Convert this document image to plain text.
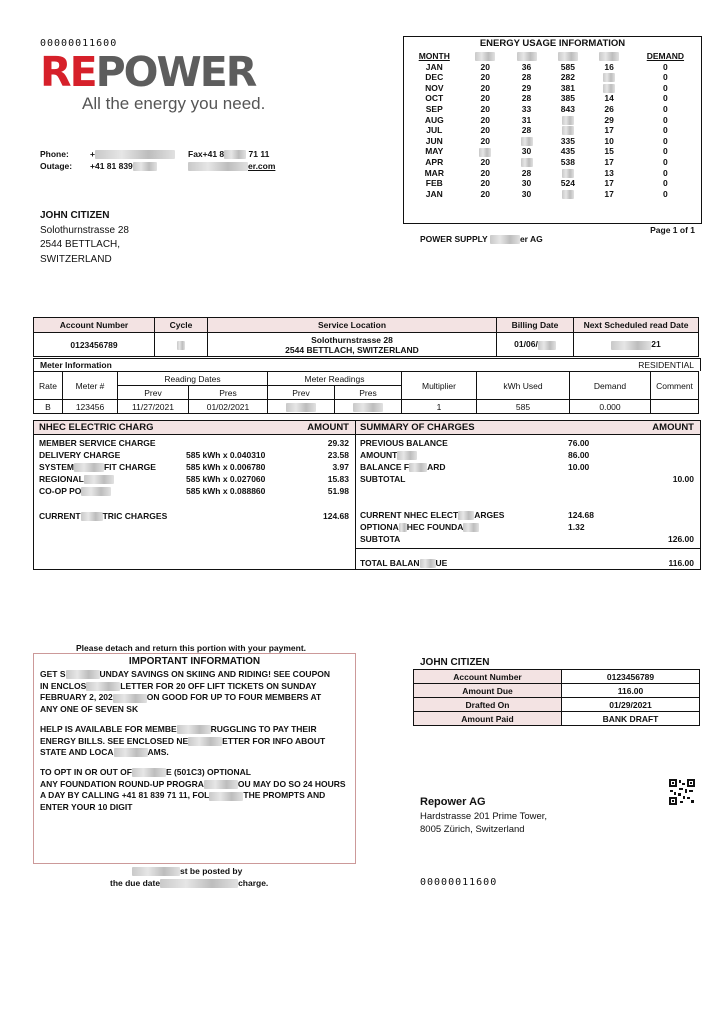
00000011600
REPOWER
All the energy you need.
Phone: +
Outage: +41 81 839
Fax+41 8	71 11
er.com
JOHN CITIZEN
Solothurnstrasse 28
2544 BETTLACH,
SWITZERLAND
ENERGY USAGE INFORMATION
MONTH					DEMAND
JAN	20	36	585	16	0
DEC	20	28	282		0
NOV	20	29	381		0
OCT	20	28	385	14	0
SEP	20	33	843	26	0
AUG	20	31		29	0
JUL	20	28		17	0
JUN	20		335	10	0
MAY		30	435	15	0
APR	20		538	17	0
MAR	20	28		13	0
FEB	20	30	524	17	0
JAN	20	30		17	0
Page 1 of 1
POWER SUPPLY	er AG
Account Number	Cycle	Service Location	Billing Date	Next Scheduled read Date
0123456789		Solothurnstrasse 28
2544 BETTLACH, SWITZERLAND	01/06/	21
Meter Information	RESIDENTIAL
Rate	Meter #	Reading Dates		Meter Readings		Multiplier	kWh Used	Demand	Comment
		Prev	Pres	Prev	Pres				
B	123456	11/27/2021	01/02/2021			1	585	0.000	
NHEC ELECTRIC CHARG	AMOUNT
MEMBER SERVICE CHARGE	29.32
DELIVERY CHARGE	585 kWh x 0.040310	23.58
SYSTEM	FIT CHARGE	585 kWh x 0.006780	3.97
REGIONAL	585 kWh x 0.027060	15.83
CO-OP PO	585 kWh x 0.088860	51.98
CURRENT	TRIC CHARGES	124.68
SUMMARY OF CHARGES	AMOUNT
PREVIOUS BALANCE	76.00
AMOUNT	86.00
BALANCE F ARD	10.00
SUBTOTAL	10.00
CURRENT NHEC ELECT ARGES	124.68
OPTIONA HEC FOUNDA	1.32
SUBTOTA	126.00
TOTAL BALAN UE	116.00
Please detach and return this portion with your payment.
IMPORTANT INFORMATION

GET S	UNDAY SAVINGS ON SKIING AND RIDING! SEE COUPON
IN ENCLOS	LETTER FOR 20 OFF LIFT TICKETS ON SUNDAY
FEBRUARY 2, 202	ON GOOD FOR UP TO FOUR MEMBERS AT
ANY ONE OF SEVEN SK

HELP IS AVAILABLE FOR MEMBE	RUGGLING TO PAY THEIR
ENERGY BILLS. SEE ENCLOSED NE	ETTER FOR INFO ABOUT
STATE AND LOCA	AMS.

TO OPT IN OR OUT OF	E (501C3) OPTIONAL
ANY FOUNDATION ROUND-UP PROGRA	OU MAY DO SO 24 HOURS
A DAY BY CALLING +41 81 839 71 11, FOL	THE PROMPTS AND
ENTER YOUR 10 DIGIT

st be posted by
the due date	charge.
JOHN CITIZEN
Account Number	0123456789
Amount Due	116.00
Drafted On	01/29/2021
Amount Paid	BANK DRAFT
Repower AG
Hardstrasse 201 Prime Tower,
8005 Zürich, Switzerland
00000011600
